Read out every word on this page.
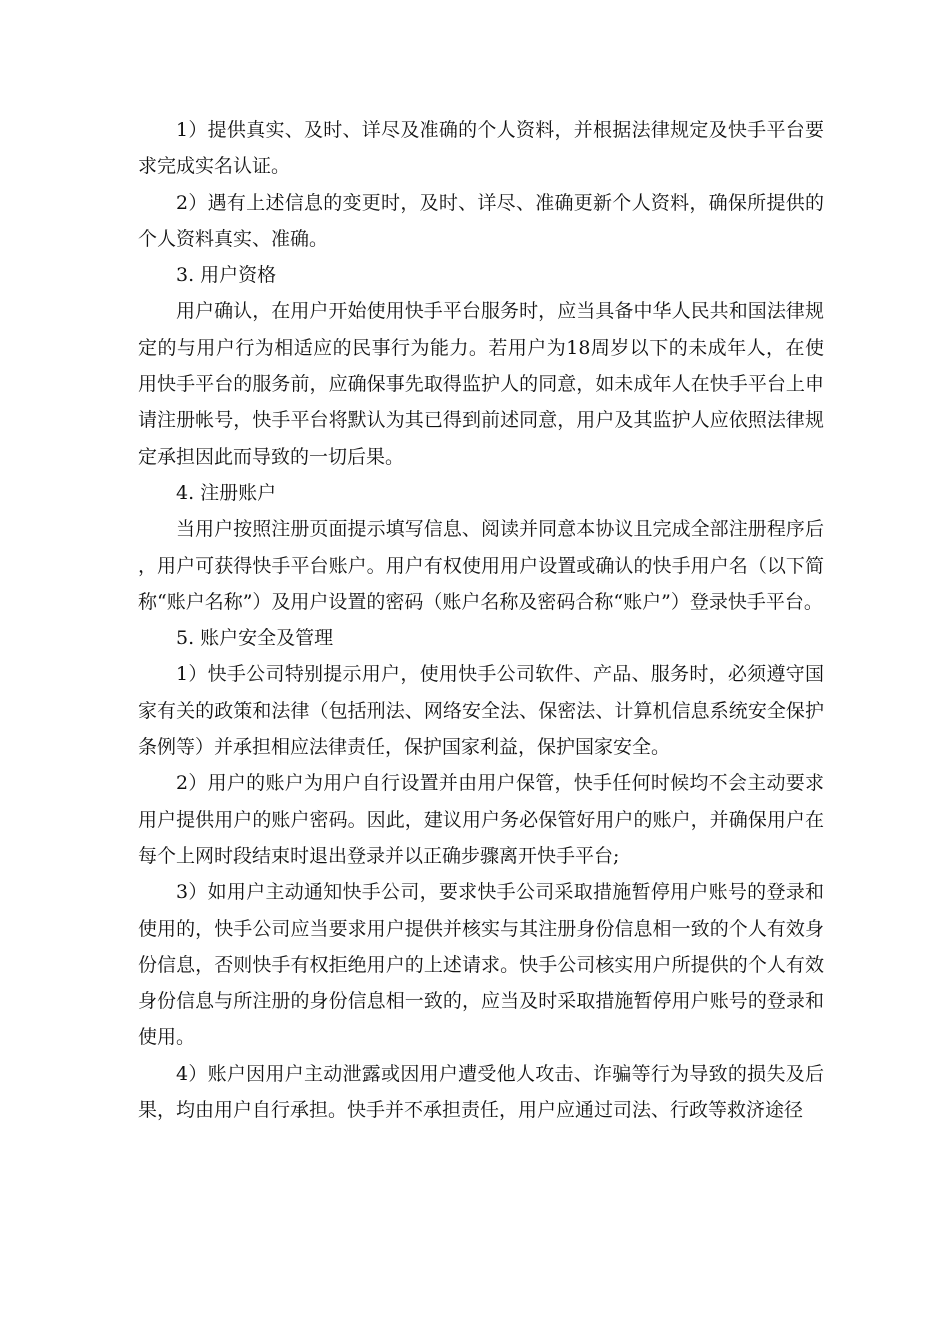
1）提供真实、及时、详尽及准确的个人资料，并根据法律规定及快手平台要求完成实名认证。

2）遇有上述信息的变更时，及时、详尽、准确更新个人资料，确保所提供的个人资料真实、准确。

3. 用户资格

用户确认，在用户开始使用快手平台服务时，应当具备中华人民共和国法律规定的与用户行为相适应的民事行为能力。若用户为18周岁以下的未成年人，在使用快手平台的服务前，应确保事先取得监护人的同意，如未成年人在快手平台上申请注册帐号，快手平台将默认为其已得到前述同意，用户及其监护人应依照法律规定承担因此而导致的一切后果。

4. 注册账户

当用户按照注册页面提示填写信息、阅读并同意本协议且完成全部注册程序后，用户可获得快手平台账户。用户有权使用用户设置或确认的快手用户名（以下简称“账户名称”）及用户设置的密码（账户名称及密码合称“账户”）登录快手平台。

5. 账户安全及管理

1）快手公司特别提示用户，使用快手公司软件、产品、服务时，必须遵守国家有关的政策和法律（包括刑法、网络安全法、保密法、计算机信息系统安全保护条例等）并承担相应法律责任，保护国家利益，保护国家安全。

2）用户的账户为用户自行设置并由用户保管，快手任何时候均不会主动要求用户提供用户的账户密码。因此，建议用户务必保管好用户的账户，并确保用户在每个上网时段结束时退出登录并以正确步骤离开快手平台;

3）如用户主动通知快手公司，要求快手公司采取措施暂停用户账号的登录和使用的，快手公司应当要求用户提供并核实与其注册身份信息相一致的个人有效身份信息，否则快手有权拒绝用户的上述请求。快手公司核实用户所提供的个人有效身份信息与所注册的身份信息相一致的，应当及时采取措施暂停用户账号的登录和使用。

4）账户因用户主动泄露或因用户遭受他人攻击、诈骗等行为导致的损失及后果，均由用户自行承担。快手并不承担责任，用户应通过司法、行政等救济途径
